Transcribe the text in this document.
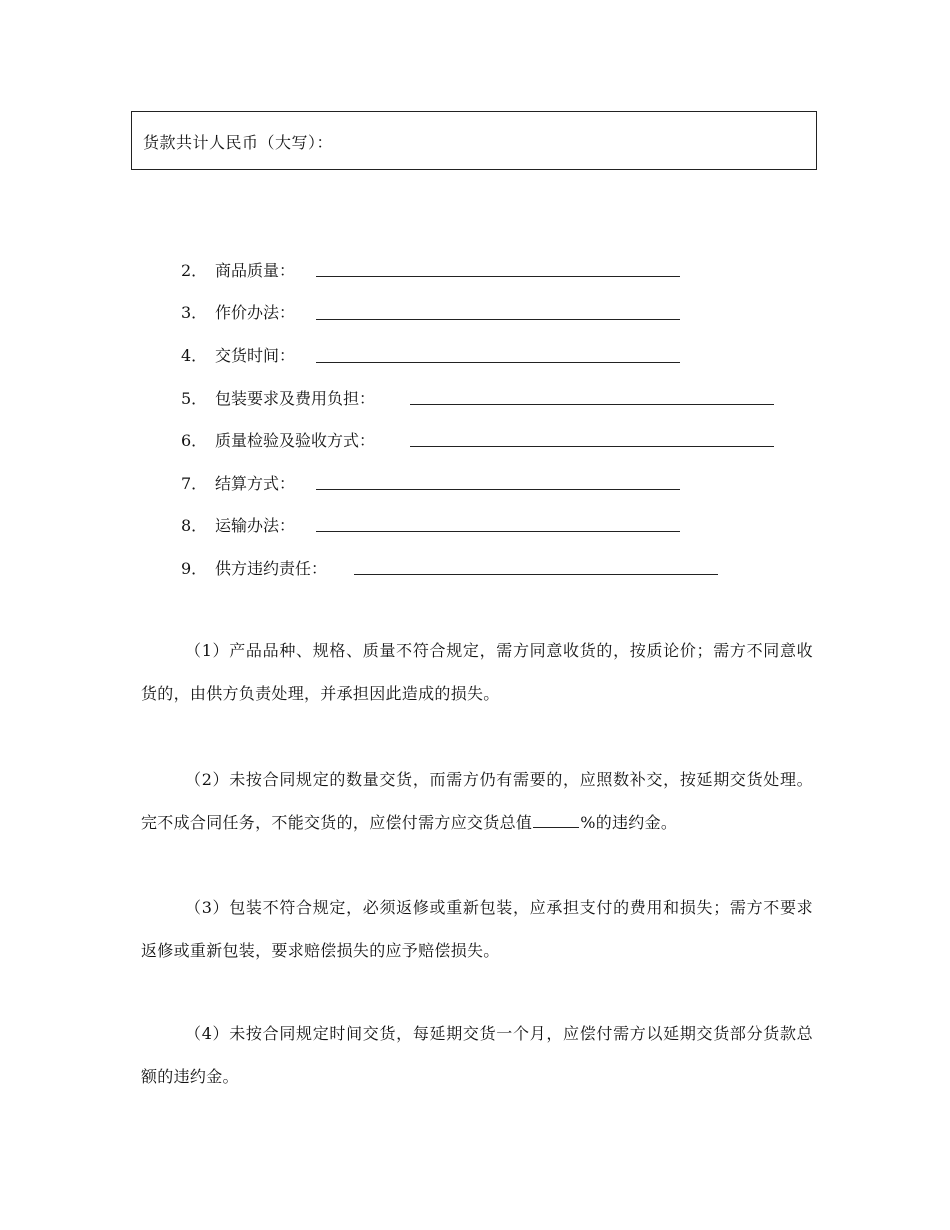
货款共计人民币（大写）：
2． 商品质量：
3． 作价办法：
4． 交货时间：
5． 包装要求及费用负担：
6． 质量检验及验收方式：
7． 结算方式：
8． 运输办法：
9． 供方违约责任：
（1）产品品种、规格、质量不符合规定，需方同意收货的，按质论价；需方不同意收货的，由供方负责处理，并承担因此造成的损失。
（2）未按合同规定的数量交货，而需方仍有需要的，应照数补交，按延期交货处理。完不成合同任务，不能交货的，应偿付需方应交货总值	%的违约金。
（3）包装不符合规定，必须返修或重新包装，应承担支付的费用和损失；需方不要求返修或重新包装，要求赔偿损失的应予赔偿损失。
（4）未按合同规定时间交货，每延期交货一个月，应偿付需方以延期交货部分货款总额的违约金。
